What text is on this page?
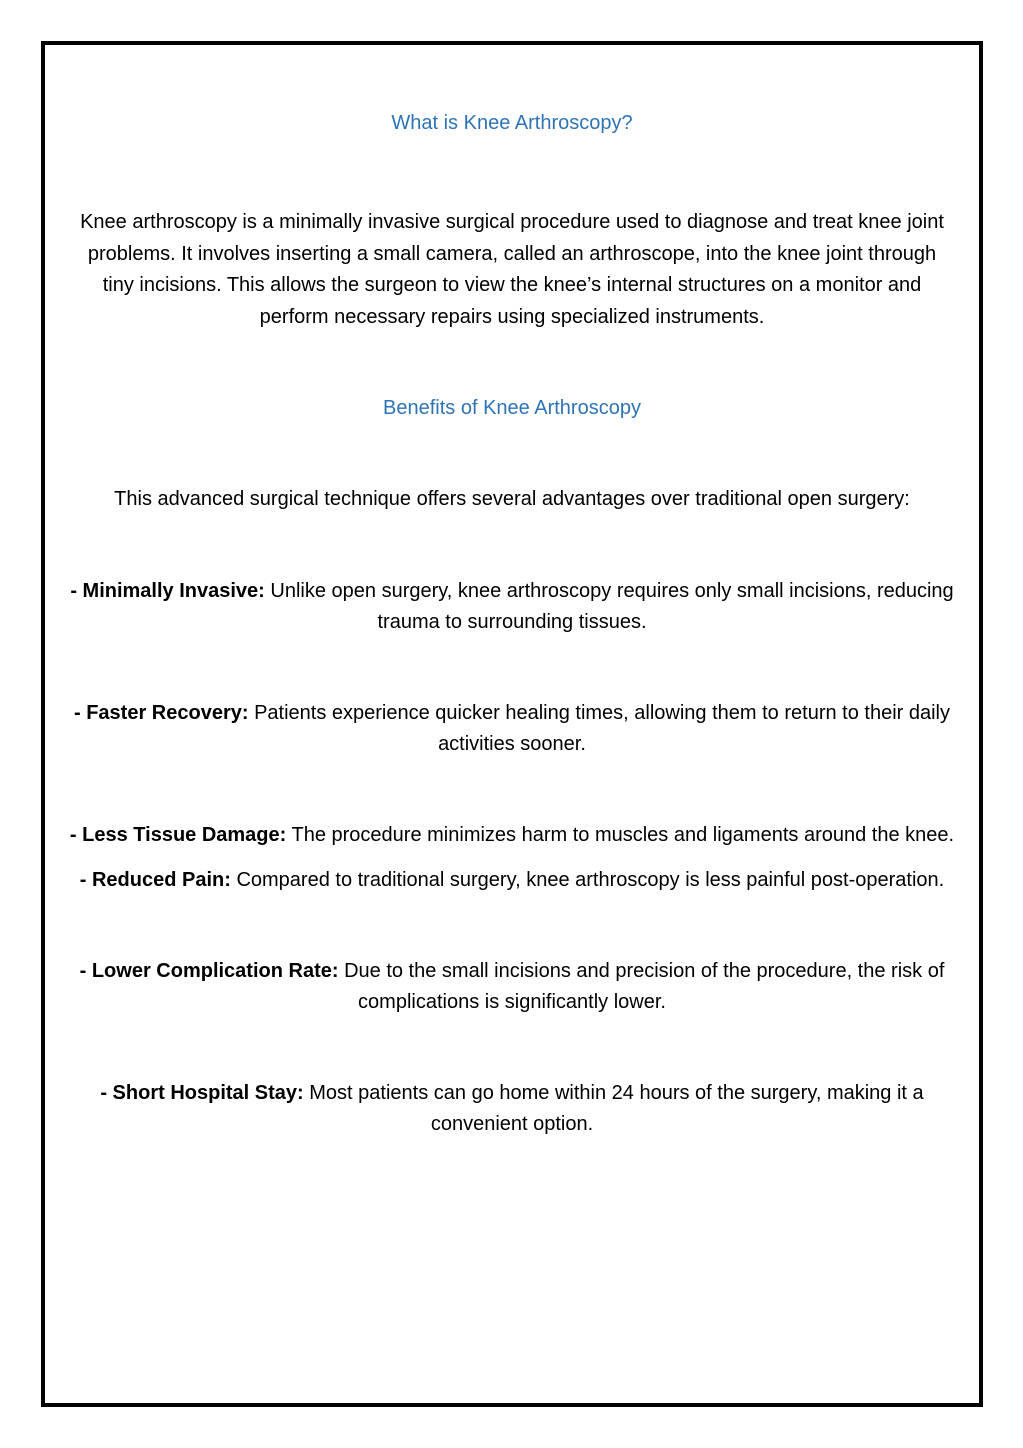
What is Knee Arthroscopy?

Knee arthroscopy is a minimally invasive surgical procedure used to diagnose and treat knee joint problems. It involves inserting a small camera, called an arthroscope, into the knee joint through tiny incisions. This allows the surgeon to view the knee’s internal structures on a monitor and perform necessary repairs using specialized instruments.

Benefits of Knee Arthroscopy

This advanced surgical technique offers several advantages over traditional open surgery:

- Minimally Invasive: Unlike open surgery, knee arthroscopy requires only small incisions, reducing trauma to surrounding tissues.

- Faster Recovery: Patients experience quicker healing times, allowing them to return to their daily activities sooner.

- Less Tissue Damage: The procedure minimizes harm to muscles and ligaments around the knee.

- Reduced Pain: Compared to traditional surgery, knee arthroscopy is less painful post-operation.

- Lower Complication Rate: Due to the small incisions and precision of the procedure, the risk of complications is significantly lower.

- Short Hospital Stay: Most patients can go home within 24 hours of the surgery, making it a convenient option.
